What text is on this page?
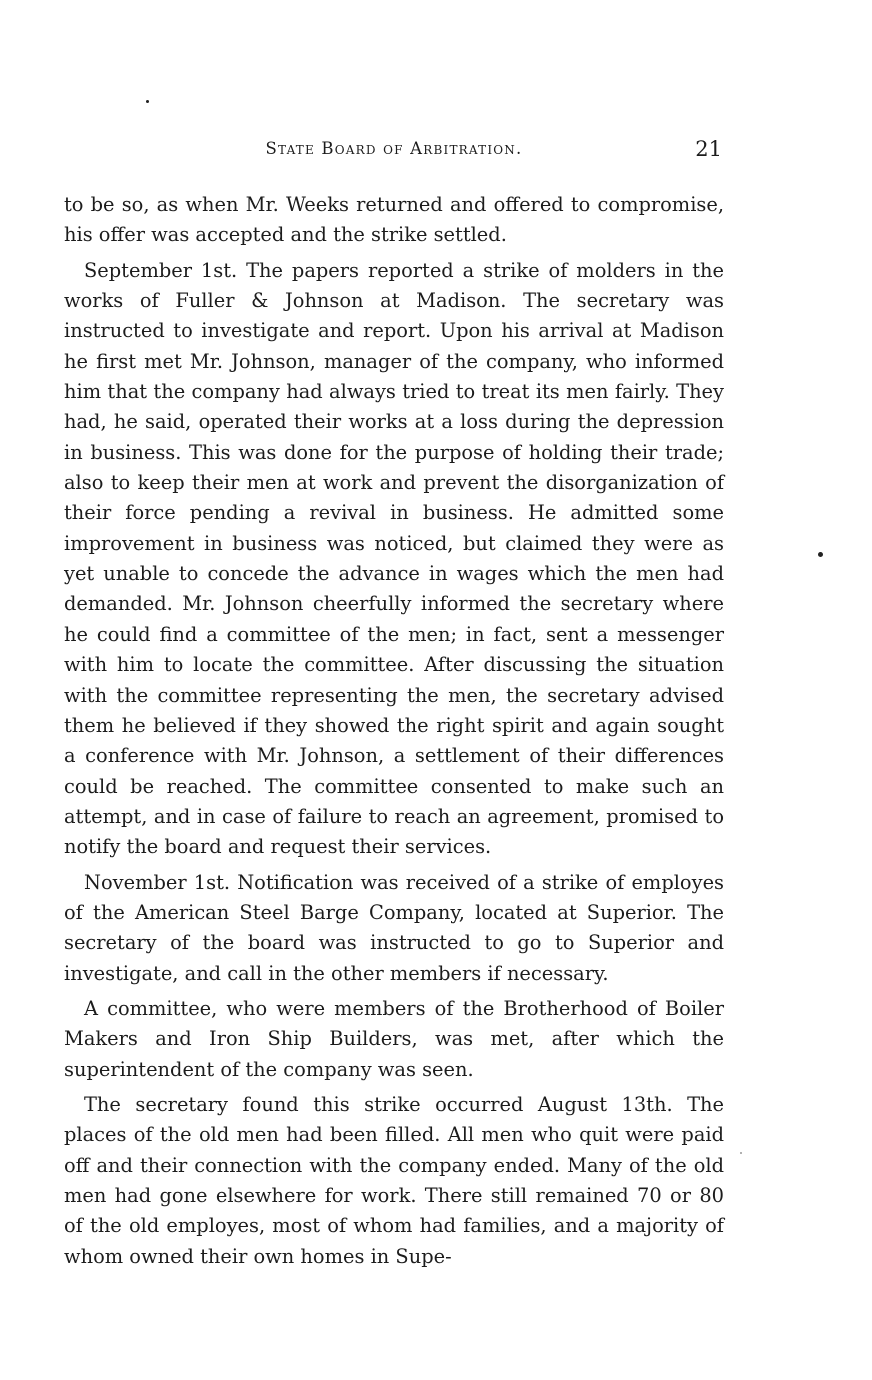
State Board of Arbitration.	21

to be so, as when Mr. Weeks returned and offered to compromise, his offer was accepted and the strike settled.

September 1st. The papers reported a strike of molders in the works of Fuller & Johnson at Madison. The secretary was instructed to investigate and report. Upon his arrival at Madison he first met Mr. Johnson, manager of the company, who informed him that the company had always tried to treat its men fairly. They had, he said, operated their works at a loss during the depression in business. This was done for the purpose of holding their trade; also to keep their men at work and prevent the disorganization of their force pending a revival in business. He admitted some improvement in business was noticed, but claimed they were as yet unable to concede the advance in wages which the men had demanded. Mr. Johnson cheerfully informed the secretary where he could find a committee of the men; in fact, sent a messenger with him to locate the committee. After discussing the situation with the committee representing the men, the secretary advised them he believed if they showed the right spirit and again sought a conference with Mr. Johnson, a settlement of their differences could be reached. The committee consented to make such an attempt, and in case of failure to reach an agreement, promised to notify the board and request their services.

November 1st. Notification was received of a strike of employes of the American Steel Barge Company, located at Superior. The secretary of the board was instructed to go to Superior and investigate, and call in the other members if necessary.

A committee, who were members of the Brotherhood of Boiler Makers and Iron Ship Builders, was met, after which the superintendent of the company was seen.

The secretary found this strike occurred August 13th. The places of the old men had been filled. All men who quit were paid off and their connection with the company ended. Many of the old men had gone elsewhere for work. There still remained 70 or 80 of the old employes, most of whom had families, and a majority of whom owned their own homes in Supe-
